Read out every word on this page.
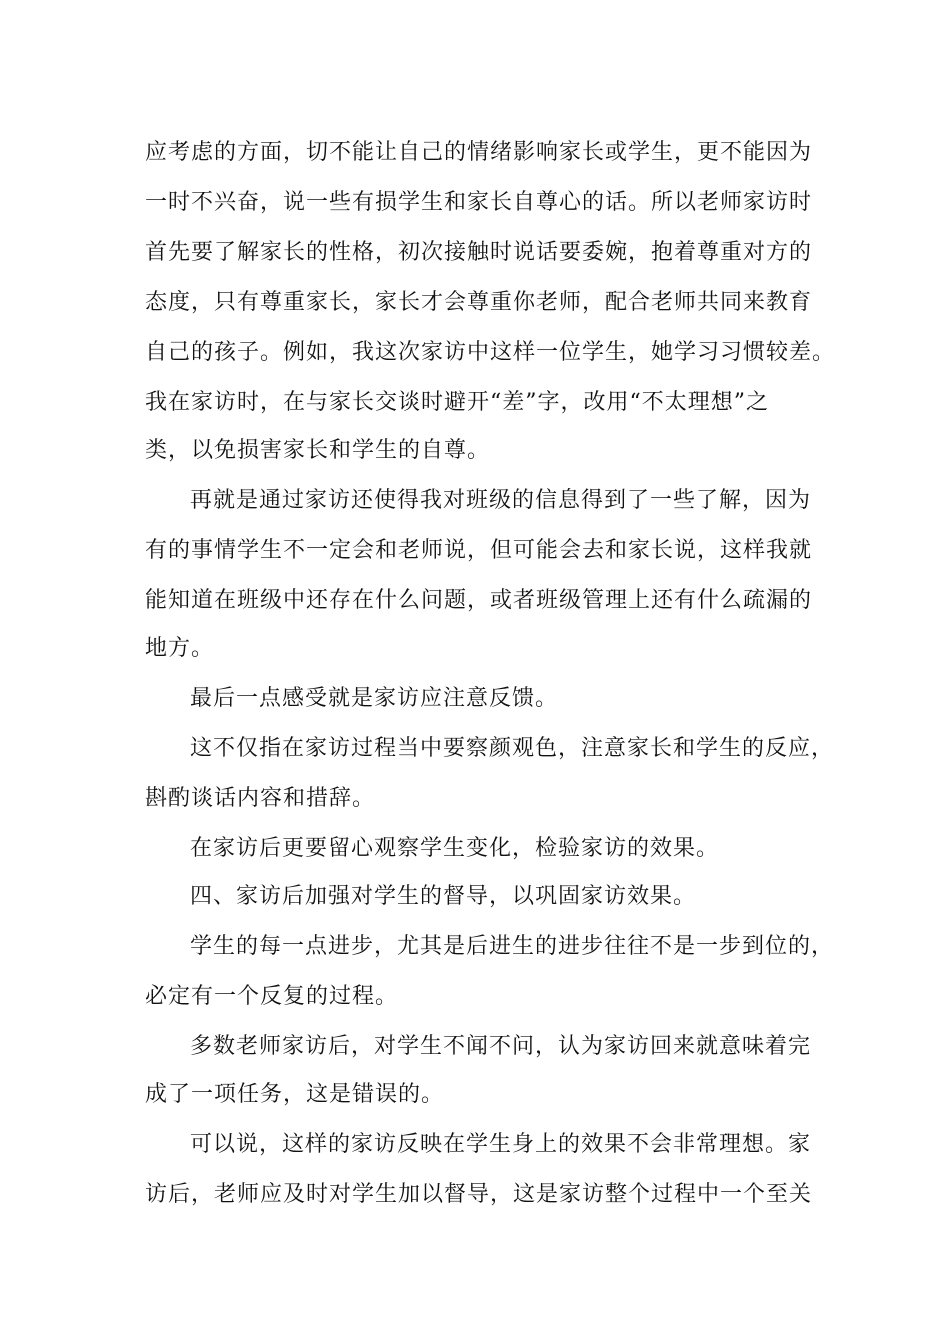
应考虑的方面，切不能让自己的情绪影响家长或学生，更不能因为

一时不兴奋，说一些有损学生和家长自尊心的话。所以老师家访时

首先要了解家长的性格，初次接触时说话要委婉，抱着尊重对方的

态度，只有尊重家长，家长才会尊重你老师，配合老师共同来教育

自己的孩子。例如，我这次家访中这样一位学生，她学习习惯较差。

我在家访时，在与家长交谈时避开“差”字，改用“不太理想”之

类，以免损害家长和学生的自尊。

再就是通过家访还使得我对班级的信息得到了一些了解，因为

有的事情学生不一定会和老师说，但可能会去和家长说，这样我就

能知道在班级中还存在什么问题，或者班级管理上还有什么疏漏的

地方。

最后一点感受就是家访应注意反馈。

这不仅指在家访过程当中要察颜观色，注意家长和学生的反应，

斟酌谈话内容和措辞。

在家访后更要留心观察学生变化，检验家访的效果。

四、家访后加强对学生的督导，以巩固家访效果。

学生的每一点进步，尤其是后进生的进步往往不是一步到位的，

必定有一个反复的过程。

多数老师家访后，对学生不闻不问，认为家访回来就意味着完

成了一项任务，这是错误的。

可以说，这样的家访反映在学生身上的效果不会非常理想。家

访后，老师应及时对学生加以督导，这是家访整个过程中一个至关
